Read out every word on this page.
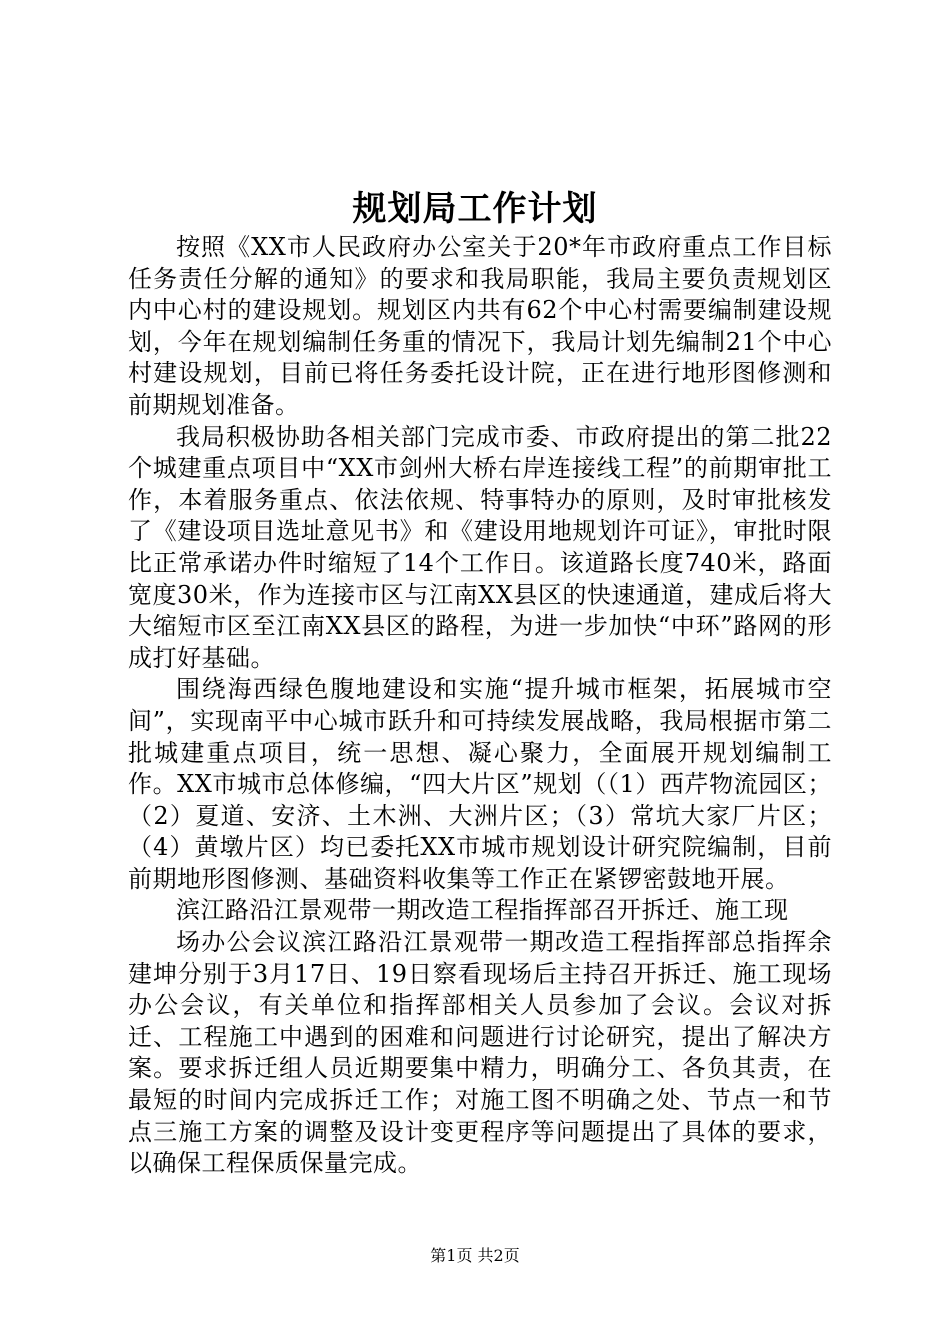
规划局工作计划

按照《XX市人民政府办公室关于20*年市政府重点工作目标任务责任分解的通知》的要求和我局职能，我局主要负责规划区内中心村的建设规划。规划区内共有62个中心村需要编制建设规划，今年在规划编制任务重的情况下，我局计划先编制21个中心村建设规划，目前已将任务委托设计院，正在进行地形图修测和前期规划准备。

我局积极协助各相关部门完成市委、市政府提出的第二批22个城建重点项目中“XX市剑州大桥右岸连接线工程”的前期审批工作，本着服务重点、依法依规、特事特办的原则，及时审批核发了《建设项目选址意见书》和《建设用地规划许可证》，审批时限比正常承诺办件时缩短了14个工作日。该道路长度740米，路面宽度30米，作为连接市区与江南XX县区的快速通道，建成后将大大缩短市区至江南XX县区的路程，为进一步加快“中环”路网的形成打好基础。

围绕海西绿色腹地建设和实施“提升城市框架，拓展城市空间”，实现南平中心城市跃升和可持续发展战略，我局根据市第二批城建重点项目，统一思想、凝心聚力，全面展开规划编制工作。XX市城市总体修编，“四大片区”规划（（1）西芹物流园区；（2）夏道、安济、土木洲、大洲片区；（3）常坑大家厂片区；（4）黄墩片区）均已委托XX市城市规划设计研究院编制，目前前期地形图修测、基础资料收集等工作正在紧锣密鼓地开展。

滨江路沿江景观带一期改造工程指挥部召开拆迁、施工现

场办公会议滨江路沿江景观带一期改造工程指挥部总指挥余建坤分别于3月17日、19日察看现场后主持召开拆迁、施工现场办公会议，有关单位和指挥部相关人员参加了会议。会议对拆迁、工程施工中遇到的困难和问题进行讨论研究，提出了解决方案。要求拆迁组人员近期要集中精力，明确分工、各负其责，在最短的时间内完成拆迁工作；对施工图不明确之处、节点一和节点三施工方案的调整及设计变更程序等问题提出了具体的要求，以确保工程保质保量完成。

第1页 共2页
